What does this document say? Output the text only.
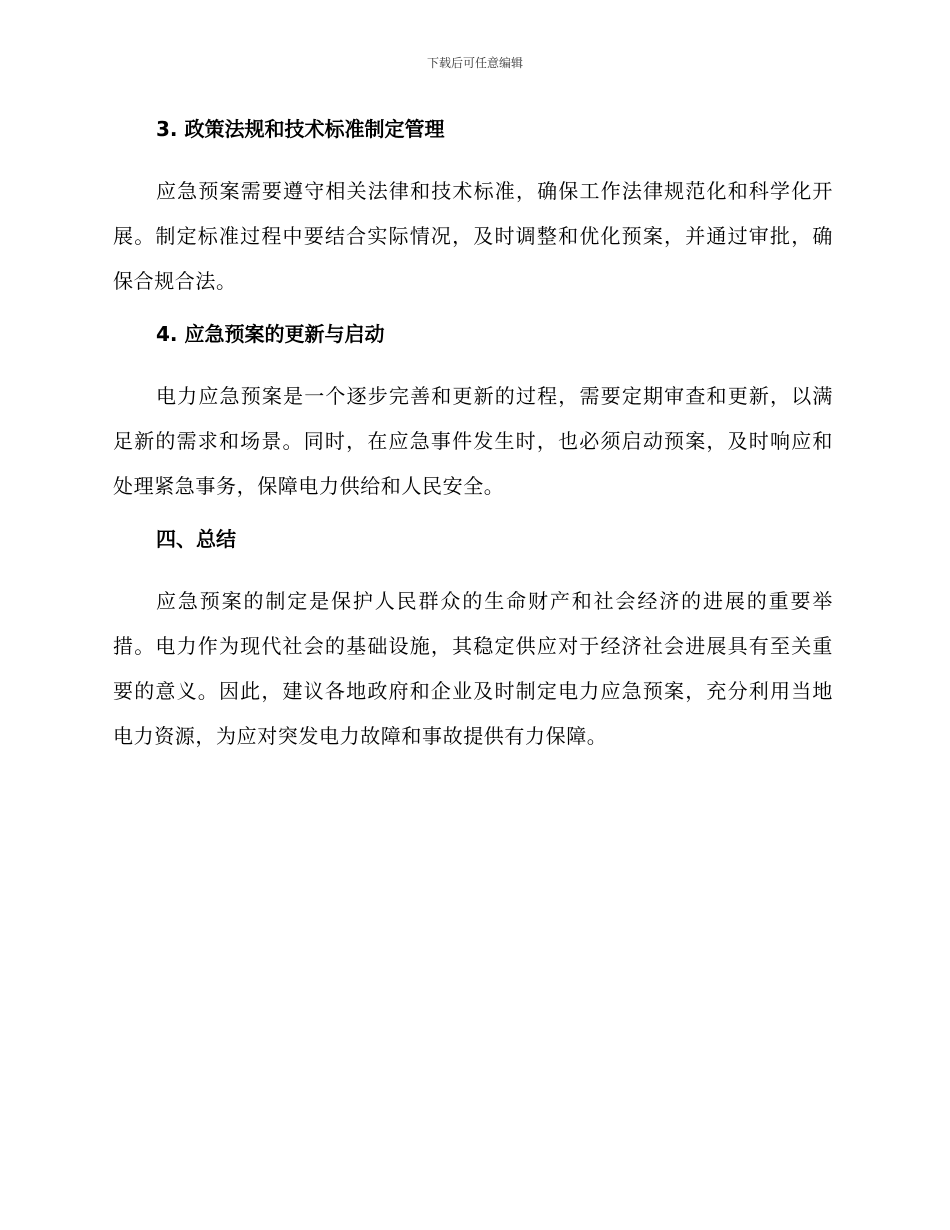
下载后可任意编辑
3. 政策法规和技术标准制定管理

应急预案需要遵守相关法律和技术标准，确保工作法律规范化和科学化开展。制定标准过程中要结合实际情况，及时调整和优化预案，并通过审批，确保合规合法。

4. 应急预案的更新与启动

电力应急预案是一个逐步完善和更新的过程，需要定期审查和更新，以满足新的需求和场景。同时，在应急事件发生时，也必须启动预案，及时响应和处理紧急事务，保障电力供给和人民安全。

四、总结

应急预案的制定是保护人民群众的生命财产和社会经济的进展的重要举措。电力作为现代社会的基础设施，其稳定供应对于经济社会进展具有至关重要的意义。因此，建议各地政府和企业及时制定电力应急预案，充分利用当地电力资源，为应对突发电力故障和事故提供有力保障。
